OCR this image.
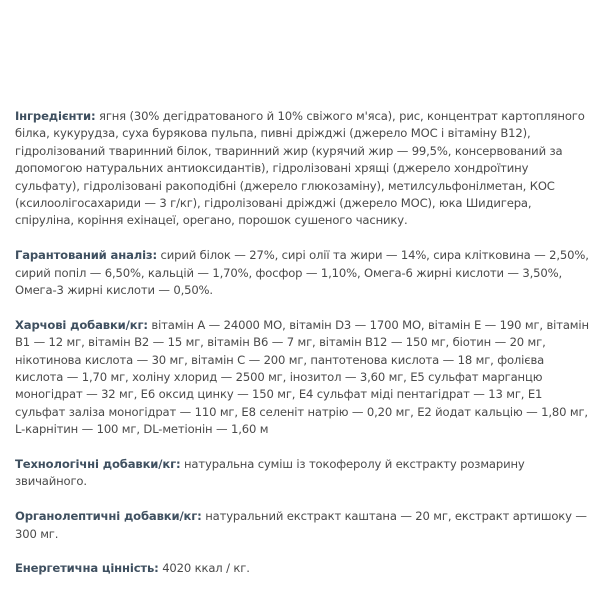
Інгредієнти: ягня (30% дегідратованого й 10% свіжого м'яса), рис, концентрат картопляного білка, кукурудза, суха бурякова пульпа, пивні дріжджі (джерело МОС і вітаміну В12), гідролізований тваринний білок, тваринний жир (курячий жир — 99,5%, консервований за допомогою натуральних антиоксидантів), гідролізовані хрящі (джерело хондроїтину сульфату), гідролізовані ракоподібні (джерело глюкозаміну), метилсульфонілметан, КОС (ксилоолігосахариди — 3 г/кг), гідролізовані дріжджі (джерело МОС), юка Шидигера, спіруліна, коріння ехінацеї, орегано, порошок сушеного часнику.

Гарантований аналіз: сирий білок — 27%, сирі олії та жири — 14%, сира клітковина — 2,50%, сирий попіл — 6,50%, кальцій — 1,70%, фосфор — 1,10%, Омега-6 жирні кислоти — 3,50%, Омега-3 жирні кислоти — 0,50%.

Харчові добавки/кг: вітамін A — 24000 МО, вітамін D3 — 1700 МО, вітамін E — 190 мг, вітамін В1 — 12 мг, вітамін В2 — 15 мг, вітамін В6 — 7 мг, вітамін В12 — 150 мг, біотин — 20 мг, нікотинова кислота — 30 мг, вітамін С — 200 мг, пантотенова кислота — 18 мг, фолієва кислота — 1,70 мг, холіну хлорид — 2500 мг, інозитол — 3,60 мг, E5 сульфат марганцю моногідрат — 32 мг, E6 оксид цинку — 150 мг, E4 сульфат міді пентагідрат — 13 мг, E1 сульфат заліза моногідрат — 110 мг, E8 селеніт натрію — 0,20 мг, E2 йодат кальцію — 1,80 мг, L-карнітин — 100 мг, DL-метіонін — 1,60 м

Технологічні добавки/кг: натуральна суміш із токоферолу й екстракту розмарину звичайного.

Органолептичні добавки/кг: натуральний екстракт каштана — 20 мг, екстракт артишоку — 300 мг.

Енергетична цінність: 4020 ккал / кг.
